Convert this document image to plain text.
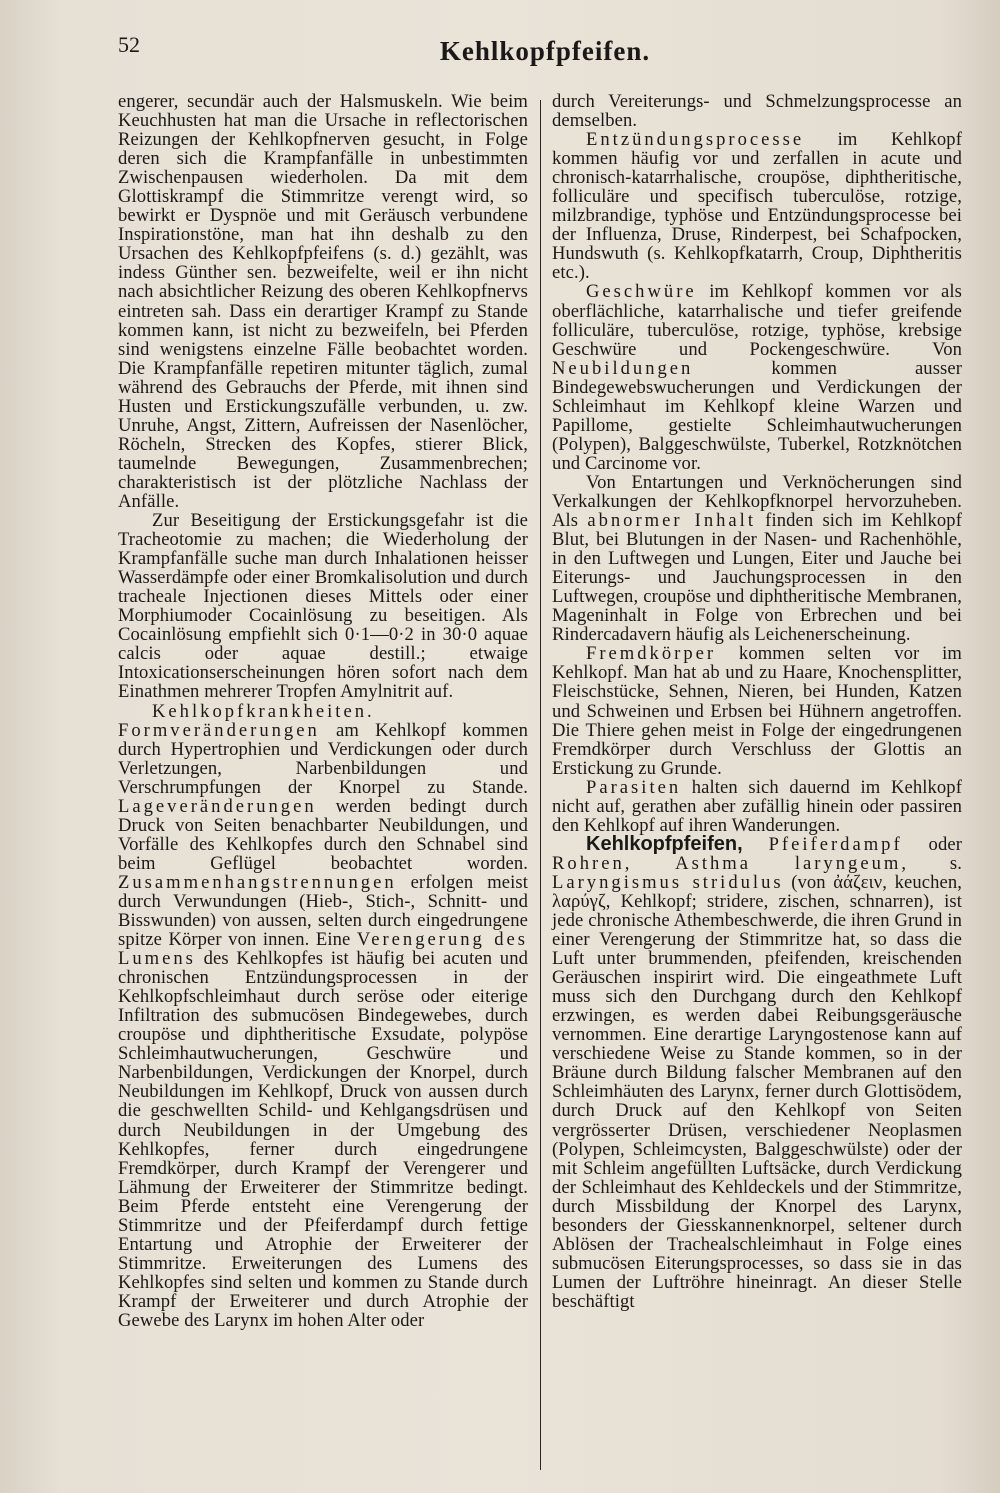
52	Kehlkopfpfeifen.

engerer, secundär auch der Halsmuskeln. Wie beim Keuchhusten hat man die Ursache in reflectorischen Reizungen der Kehlkopfnerven gesucht, in Folge deren sich die Krampfanfälle in unbestimmten Zwischenpausen wiederholen. Da mit dem Glottiskrampf die Stimmritze verengt wird, so bewirkt er Dyspnöe und mit Geräusch verbundene Inspirationstöne, man hat ihn deshalb zu den Ursachen des Kehlkopfpfeifens (s. d.) gezählt, was indess Günther sen. bezweifelte, weil er ihn nicht nach absichtlicher Reizung des oberen Kehlkopfnervs eintreten sah. Dass ein derartiger Krampf zu Stande kommen kann, ist nicht zu bezweifeln, bei Pferden sind wenigstens einzelne Fälle beobachtet worden. Die Krampfanfälle repetiren mitunter täglich, zumal während des Gebrauchs der Pferde, mit ihnen sind Husten und Erstickungszufälle verbunden, u. zw. Unruhe, Angst, Zittern, Aufreissen der Nasenlöcher, Röcheln, Strecken des Kopfes, stierer Blick, taumelnde Bewegungen, Zusammenbrechen; charakteristisch ist der plötzliche Nachlass der Anfälle.

Zur Beseitigung der Erstickungsgefahr ist die Tracheotomie zu machen; die Wiederholung der Krampfanfälle suche man durch Inhalationen heisser Wasserdämpfe oder einer Bromkalisolution und durch tracheale Injectionen dieses Mittels oder einer Morphiumoder Cocainlösung zu beseitigen. Als Cocainlösung empfiehlt sich 0·1—0·2 in 30·0 aquae calcis oder aquae destill.; etwaige Intoxicationserscheinungen hören sofort nach dem Einathmen mehrerer Tropfen Amylnitrit auf.

Kehlkopfkrankheiten. Formveränderungen am Kehlkopf kommen durch Hypertrophien und Verdickungen oder durch Verletzungen, Narbenbildungen und Verschrumpfungen der Knorpel zu Stande. Lageveränderungen werden bedingt durch Druck von Seiten benachbarter Neubildungen, und Vorfälle des Kehlkopfes durch den Schnabel sind beim Geflügel beobachtet worden. Zusammenhangstrennungen erfolgen meist durch Verwundungen (Hieb-, Stich-, Schnitt- und Bisswunden) von aussen, selten durch eingedrungene spitze Körper von innen. Eine Verengerung des Lumens des Kehlkopfes ist häufig bei acuten und chronischen Entzündungsprocessen in der Kehlkopfschleimhaut durch seröse oder eiterige Infiltration des submucösen Bindegewebes, durch croupöse und diphtheritische Exsudate, polypöse Schleimhautwucherungen, Geschwüre und Narbenbildungen, Verdickungen der Knorpel, durch Neubildungen im Kehlkopf, Druck von aussen durch die geschwellten Schild- und Kehlgangsdrüsen und durch Neubildungen in der Umgebung des Kehlkopfes, ferner durch eingedrungene Fremdkörper, durch Krampf der Verengerer und Lähmung der Erweiterer der Stimmritze bedingt. Beim Pferde entsteht eine Verengerung der Stimmritze und der Pfeiferdampf durch fettige Entartung und Atrophie der Erweiterer der Stimmritze. Erweiterungen des Lumens des Kehlkopfes sind selten und kommen zu Stande durch Krampf der Erweiterer und durch Atrophie der Gewebe des Larynx im hohen Alter oder

durch Vereiterungs- und Schmelzungsprocesse an demselben.

Entzündungsprocesse im Kehlkopf kommen häufig vor und zerfallen in acute und chronisch-katarrhalische, croupöse, diphtheritische, folliculäre und specifisch tuberculöse, rotzige, milzbrandige, typhöse und Entzündungsprocesse bei der Influenza, Druse, Rinderpest, bei Schafpocken, Hundswuth (s. Kehlkopfkatarrh, Croup, Diphtheritis etc.).

Geschwüre im Kehlkopf kommen vor als oberflächliche, katarrhalische und tiefer greifende folliculäre, tuberculöse, rotzige, typhöse, krebsige Geschwüre und Pockengeschwüre. Von Neubildungen	kommen ausser Bindegewebswucherungen und Verdickungen der Schleimhaut im Kehlkopf kleine Warzen und Papillome, gestielte Schleimhautwucherungen (Polypen), Balggeschwülste, Tuberkel, Rotzknötchen und Carcinome vor.

Von Entartungen und Verknöcherungen sind Verkalkungen der Kehlkopfknorpel hervorzuheben. Als abnormer Inhalt finden sich im Kehlkopf Blut, bei Blutungen in der Nasen- und Rachenhöhle, in den Luftwegen und Lungen, Eiter und Jauche bei Eiterungs- und Jauchungsprocessen in den Luftwegen, croupöse und diphtheritische Membranen, Mageninhalt in Folge von Erbrechen und bei Rindercadavern häufig als Leichenerscheinung.

Fremdkörper kommen selten vor im Kehlkopf. Man hat ab und zu Haare, Knochensplitter, Fleischstücke, Sehnen, Nieren, bei Hunden, Katzen und Schweinen und Erbsen bei Hühnern angetroffen. Die Thiere gehen meist in Folge der eingedrungenen Fremdkörper durch Verschluss der Glottis an Erstickung zu Grunde.

Parasiten halten sich dauernd im Kehlkopf nicht auf, gerathen aber zufällig hinein oder passiren den Kehlkopf auf ihren Wanderungen.

Kehlkopfpfeifen, Pfeiferdampf oder Rohren, Asthma laryngeum, s. Laryngismus stridulus (von ἀάζειν, keuchen, λαρύγζ, Kehlkopf; stridere, zischen, schnarren), ist jede chronische Athembeschwerde, die ihren Grund in einer Verengerung der Stimmritze hat, so dass die Luft unter brummenden, pfeifenden, kreischenden Geräuschen inspirirt wird. Die eingeathmete Luft muss sich den Durchgang durch den Kehlkopf erzwingen, es werden dabei Reibungsgeräusche vernommen. Eine derartige Laryngostenose kann auf verschiedene Weise zu Stande kommen, so in der Bräune durch Bildung falscher Membranen auf den Schleimhäuten des Larynx, ferner durch Glottisödem, durch Druck auf den Kehlkopf von Seiten vergrösserter Drüsen, verschiedener Neoplasmen (Polypen, Schleimcysten, Balggeschwülste) oder der mit Schleim angefüllten Luftsäcke, durch Verdickung der Schleimhaut des Kehldeckels und der Stimmritze, durch Missbildung der Knorpel des Larynx, besonders der Giesskannenknorpel, seltener durch Ablösen der Trachealschleimhaut in Folge eines submucösen Eiterungsprocesses, so dass sie in das Lumen der Luftröhre hineinragt. An dieser Stelle beschäftigt
